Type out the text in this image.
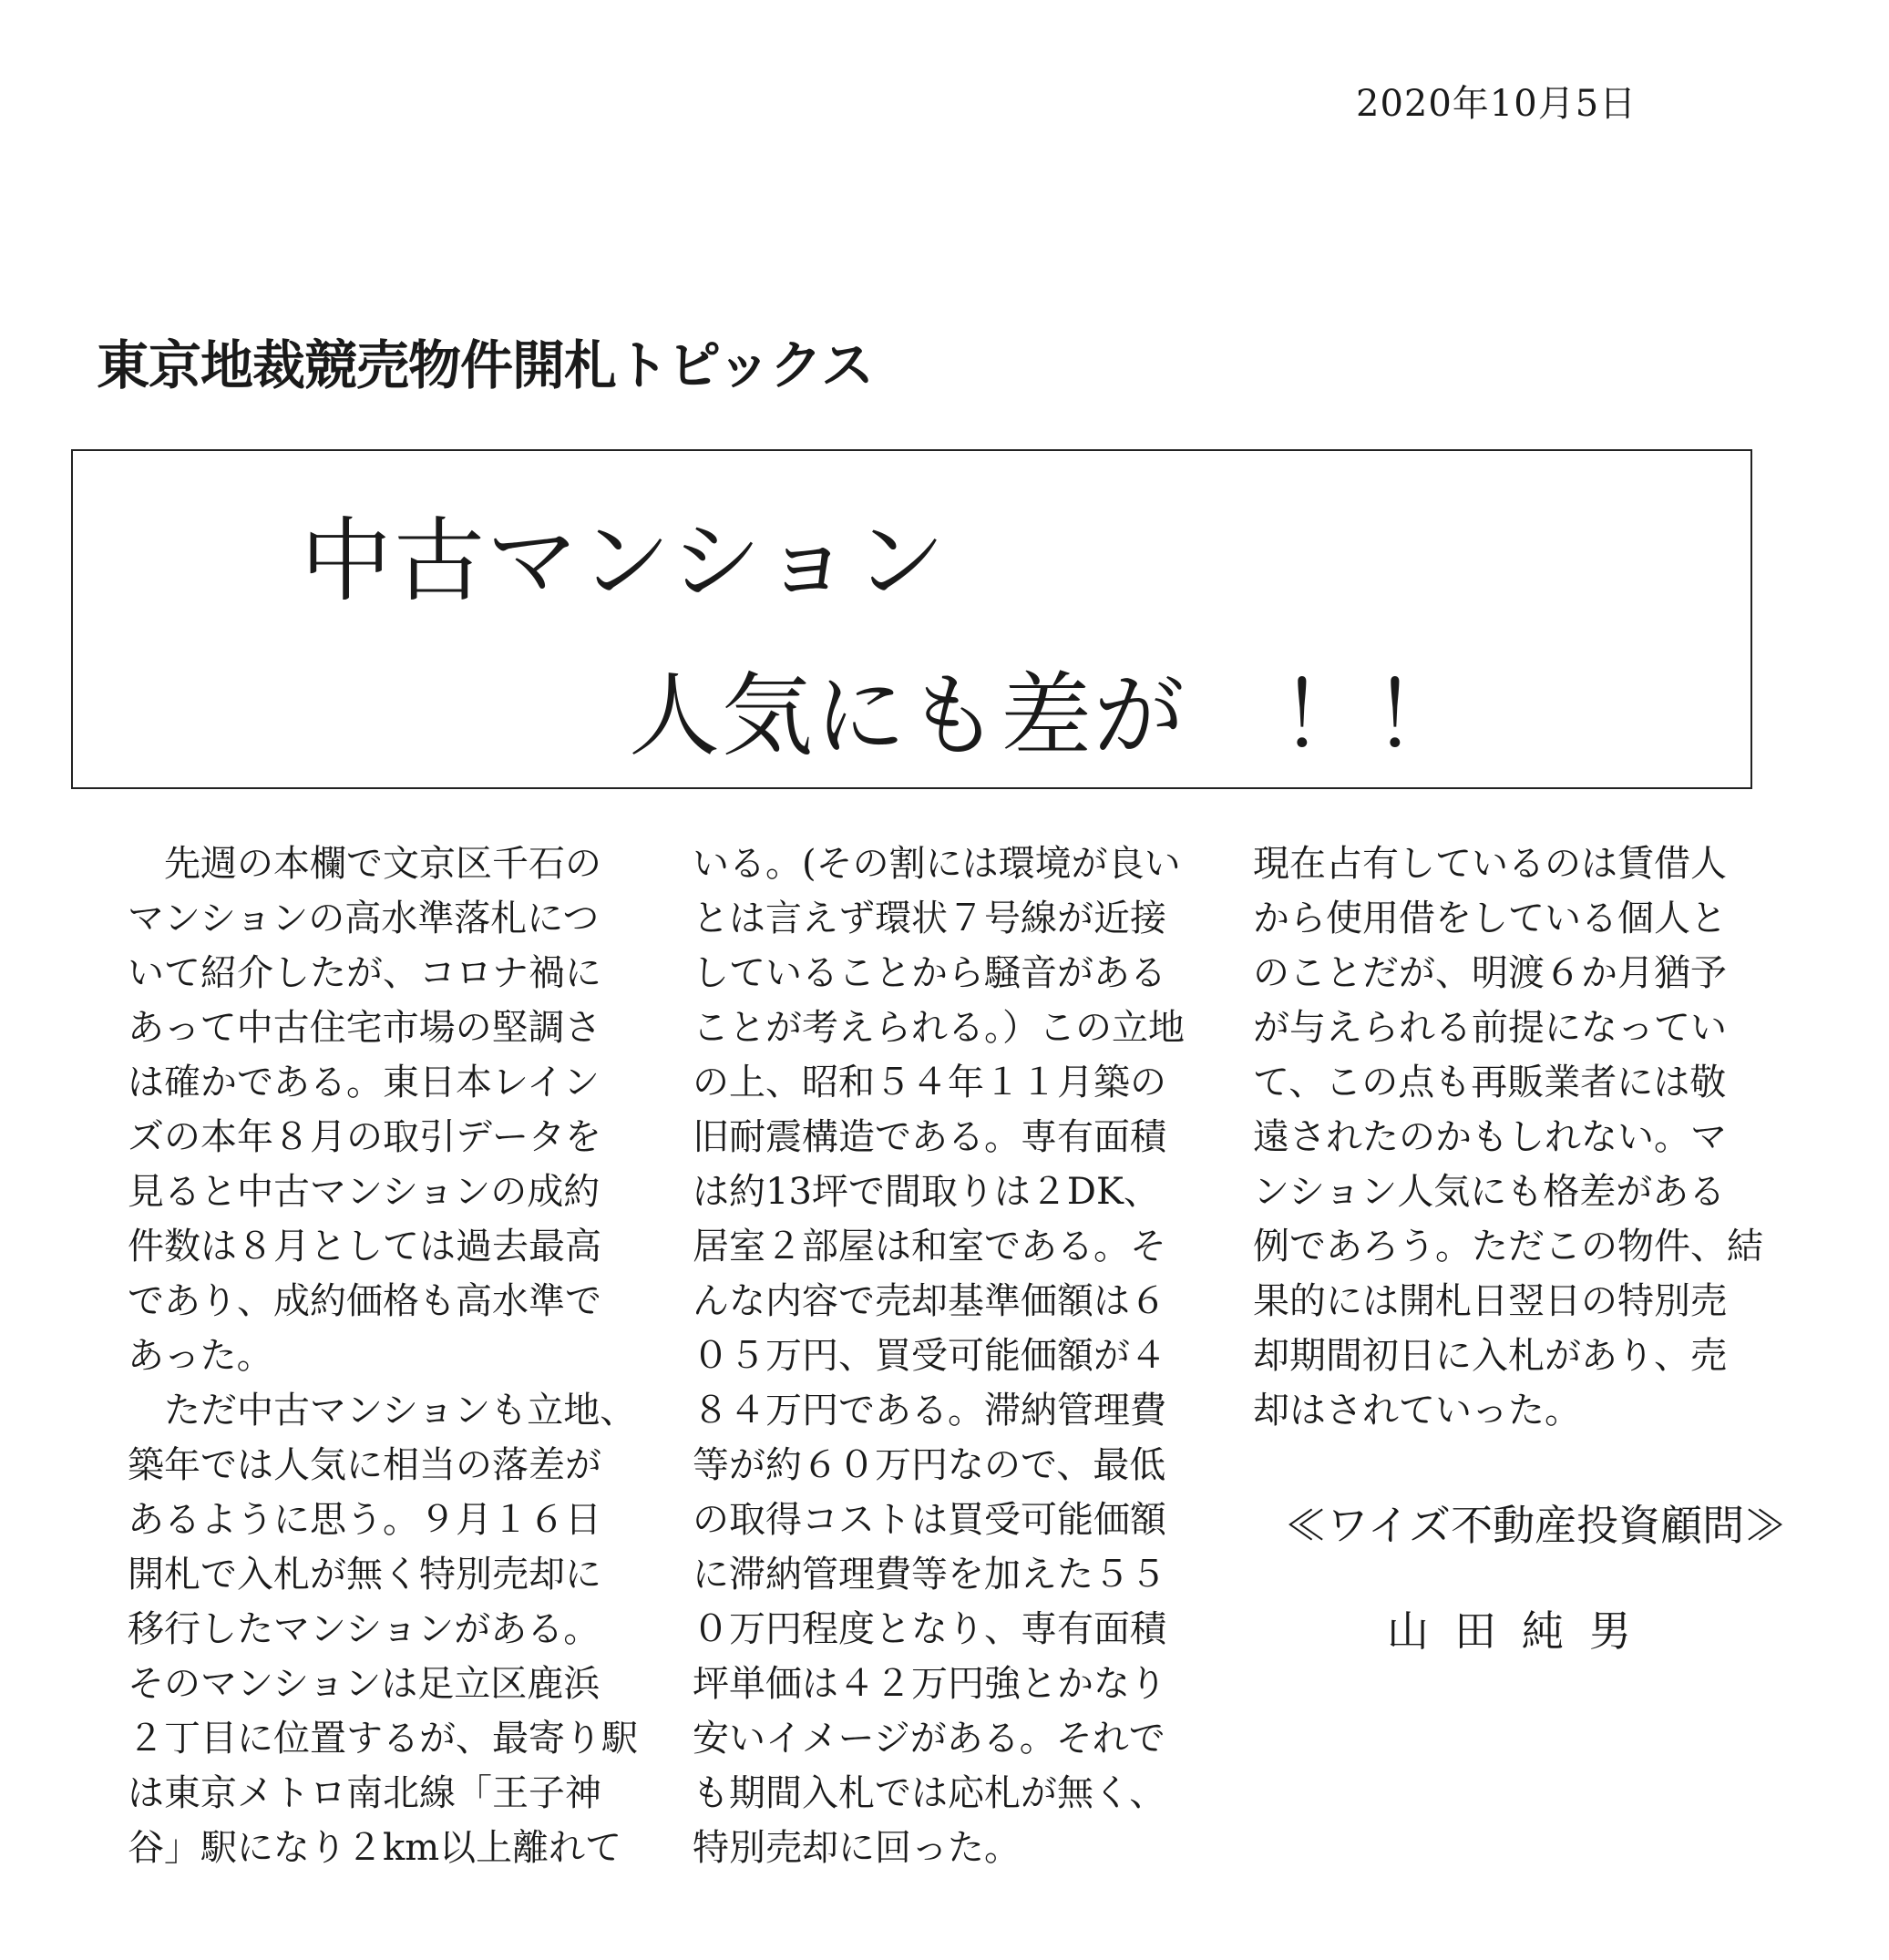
2020年10月5日
東京地裁競売物件開札トピックス
中古マンション
人気にも差が　！！
　先週の本欄で文京区千石の
マンションの高水準落札につ
いて紹介したが、コロナ禍に
あって中古住宅市場の堅調さ
は確かである。東日本レイン
ズの本年８月の取引データを
見ると中古マンションの成約
件数は８月としては過去最高
であり、成約価格も高水準で
あった。
　ただ中古マンションも立地、
築年では人気に相当の落差が
あるように思う。９月１６日
開札で入札が無く特別売却に
移行したマンションがある。
そのマンションは足立区鹿浜
２丁目に位置するが、最寄り駅
は東京メトロ南北線「王子神
谷」駅になり２km以上離れて
いる。(その割には環境が良い
とは言えず環状７号線が近接
していることから騒音がある
ことが考えられる。）この立地
の上、昭和５４年１１月築の
旧耐震構造である。専有面積
は約13坪で間取りは２DK、
居室２部屋は和室である。そ
んな内容で売却基準価額は６
０５万円、買受可能価額が４
８４万円である。滞納管理費
等が約６０万円なので、最低
の取得コストは買受可能価額
に滞納管理費等を加えた５５
０万円程度となり、専有面積
坪単価は４２万円強とかなり
安いイメージがある。それで
も期間入札では応札が無く、
特別売却に回った。
現在占有しているのは賃借人
から使用借をしている個人と
のことだが、明渡６か月猶予
が与えられる前提になってい
て、この点も再販業者には敬
遠されたのかもしれない。マ
ンション人気にも格差がある
例であろう。ただこの物件、結
果的には開札日翌日の特別売
却期間初日に入札があり、売
却はされていった。
≪ワイズ不動産投資顧問≫
山田純男
